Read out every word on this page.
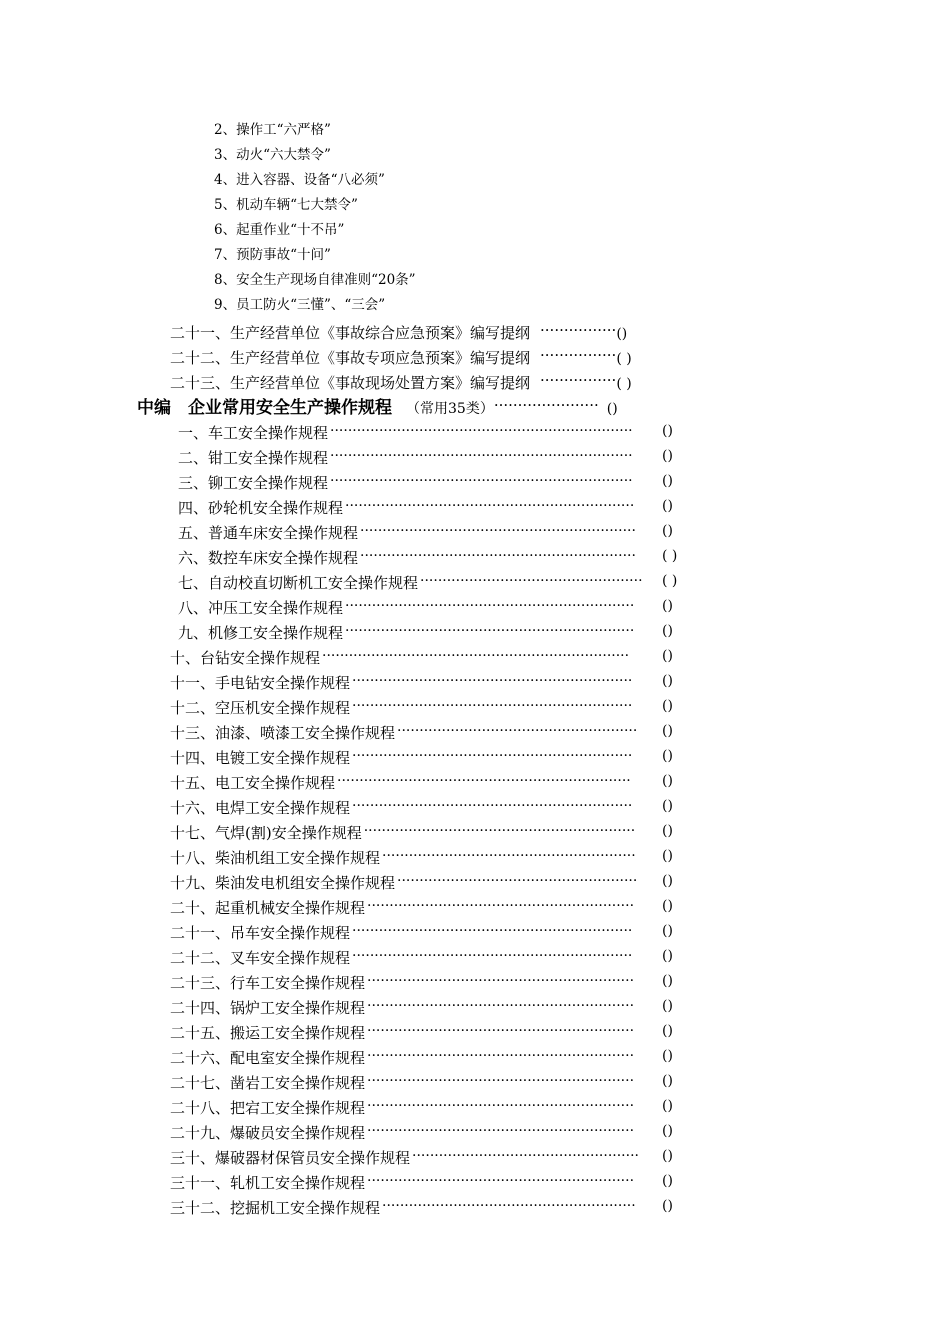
2、操作工“六严格”
3、动火“六大禁令”
4、进入容器、设备“八必须”
5、机动车辆“七大禁令”
6、起重作业“十不吊”
7、预防事故“十问”
8、安全生产现场自律准则“20条”
9、员工防火“三懂”、“三会”
二十一、生产经营单位《事故综合应急预案》编写提纲 ················()
二十二、生产经营单位《事故专项应急预案》编写提纲 ················( )
二十三、生产经营单位《事故现场处置方案》编写提纲 ················( )
中编　企业常用安全生产操作规程 （常用35类）······················ ()
一、车工安全操作规程 ···································································· ()
二、钳工安全操作规程 ···································································· ()
三、铆工安全操作规程 ···································································· ()
四、砂轮机安全操作规程 ································································· ()
五、普通车床安全操作规程 ······························································ ()
六、数控车床安全操作规程 ······························································ ( )
七、自动校直切断机工安全操作规程 ·················································· ( )
八、冲压工安全操作规程 ································································· ()
九、机修工安全操作规程 ································································· ()
十、台钻安全操作规程 ····································································· ()
十一、手电钻安全操作规程 ······························································· ()
十二、空压机安全操作规程 ······························································· ()
十三、油漆、喷漆工安全操作规程 ······················································ ()
十四、电镀工安全操作规程 ······························································· ()
十五、电工安全操作规程 ·································································· ()
十六、电焊工安全操作规程 ······························································· ()
十七、气焊(割)安全操作规程 ····························································· ()
十八、柴油机组工安全操作规程 ························································· ()
十九、柴油发电机组安全操作规程 ······················································ ()
二十、起重机械安全操作规程 ···························································· ()
二十一、吊车安全操作规程 ······························································· ()
二十二、叉车安全操作规程 ······························································· ()
二十三、行车工安全操作规程 ···························································· ()
二十四、锅炉工安全操作规程 ···························································· ()
二十五、搬运工安全操作规程 ···························································· ()
二十六、配电室安全操作规程 ···························································· ()
二十七、凿岩工安全操作规程 ···························································· ()
二十八、把宕工安全操作规程 ···························································· ()
二十九、爆破员安全操作规程 ···························································· ()
三十、爆破器材保管员安全操作规程 ··················································· ()
三十一、轧机工安全操作规程 ···························································· ()
三十二、挖掘机工安全操作规程 ························································· ()
